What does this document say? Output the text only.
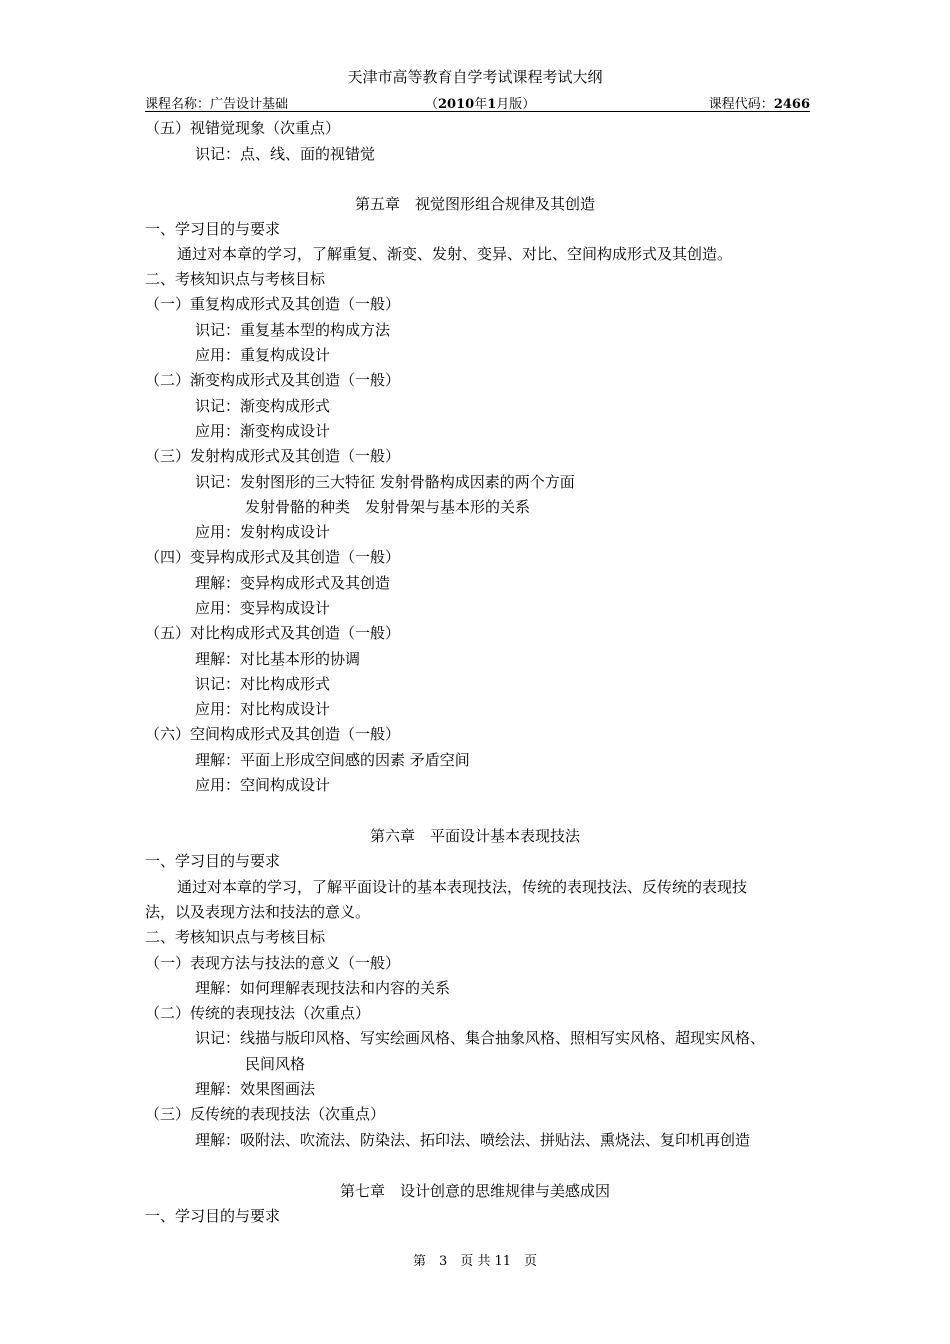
天津市高等教育自学考试课程考试大纲
课程名称：广告设计基础	（2010年1月版）	课程代码：2466
（五）视错觉现象（次重点）
识记：点、线、面的视错觉
第五章　视觉图形组合规律及其创造
一、学习目的与要求
通过对本章的学习，了解重复、渐变、发射、变异、对比、空间构成形式及其创造。
二、考核知识点与考核目标
（一）重复构成形式及其创造（一般）
识记：重复基本型的构成方法
应用：重复构成设计
（二）渐变构成形式及其创造（一般）
识记：渐变构成形式
应用：渐变构成设计
（三）发射构成形式及其创造（一般）
识记：发射图形的三大特征 发射骨骼构成因素的两个方面
发射骨骼的种类　发射骨架与基本形的关系
应用：发射构成设计
（四）变异构成形式及其创造（一般）
理解：变异构成形式及其创造
应用：变异构成设计
（五）对比构成形式及其创造（一般）
理解：对比基本形的协调
识记：对比构成形式
应用：对比构成设计
（六）空间构成形式及其创造（一般）
理解：平面上形成空间感的因素 矛盾空间
应用：空间构成设计
第六章　平面设计基本表现技法
一、学习目的与要求
通过对本章的学习，了解平面设计的基本表现技法，传统的表现技法、反传统的表现技
法，以及表现方法和技法的意义。
二、考核知识点与考核目标
（一）表现方法与技法的意义（一般）
理解：如何理解表现技法和内容的关系
（二）传统的表现技法（次重点）
识记：线描与版印风格、写实绘画风格、集合抽象风格、照相写实风格、超现实风格、
民间风格
理解：效果图画法
（三）反传统的表现技法（次重点）
理解：吸附法、吹流法、防染法、拓印法、喷绘法、拼贴法、熏烧法、复印机再创造
第七章　设计创意的思维规律与美感成因
一、学习目的与要求
第　3　页 共 11　页
